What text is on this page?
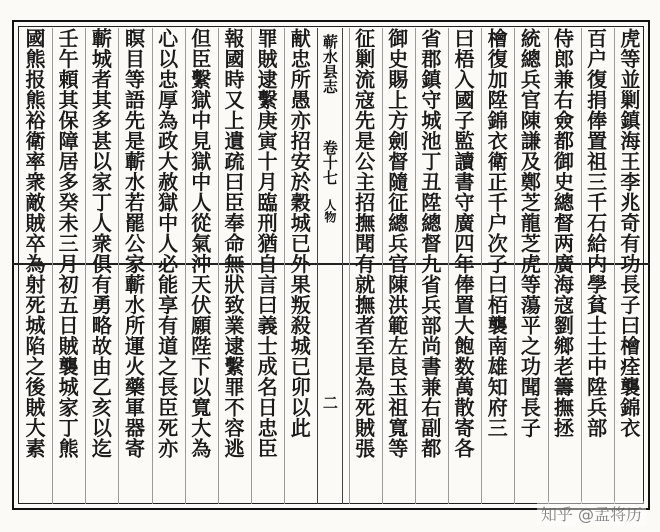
虎等並剿鎮海王李兆奇有功長子曰檜痊襲錦衣
百户復捐俸置祖三千石給内學貧士士中陞兵部
侍郎兼右僉都御史總督两廣海寇劉鄉老籌撫拯
統總兵官陳謙及鄭芝龍芝虎等蕩平之功聞長子
檜復加陞錦衣衛正千户次子曰栢襲南雄知府三
曰梧入國子監讀書守廣四年俸置大飽数萬散寄各
省郡鎮守城池丁丑陞總督九省兵部尚書兼右副都
御史賜上方劍督隨征總兵官陳洪範左良玉祖寬等
征剿流寇先是公主招撫聞有就撫者至是為死賊張
蕲水县志
卷十七
人物
二
献忠所愚亦招安於穀城已外果叛殺城已卯以此
罪賊逮繫庚寅十月臨刑猶自言曰義士成名日忠臣
報國時又上遺疏曰臣奉命無狀致業逮繫罪不容逃
但臣繫獄中見獄中人從氣沖天伏願陛下以寬大為
心以忠厚為政大赦獄中人必能享有道之長臣死亦
瞑目等語先是蘄水若罷公家蘄水所運火藥軍器寄
蘄城者其多甚以家丁人衆俱有勇略故由乙亥以迄
壬午頼其保障居多癸未三月初五日賊襲城家丁熊
國熊报熊裕衛率衆敵賊卒為射死城陷之後賊大素
知乎 @孟将历
